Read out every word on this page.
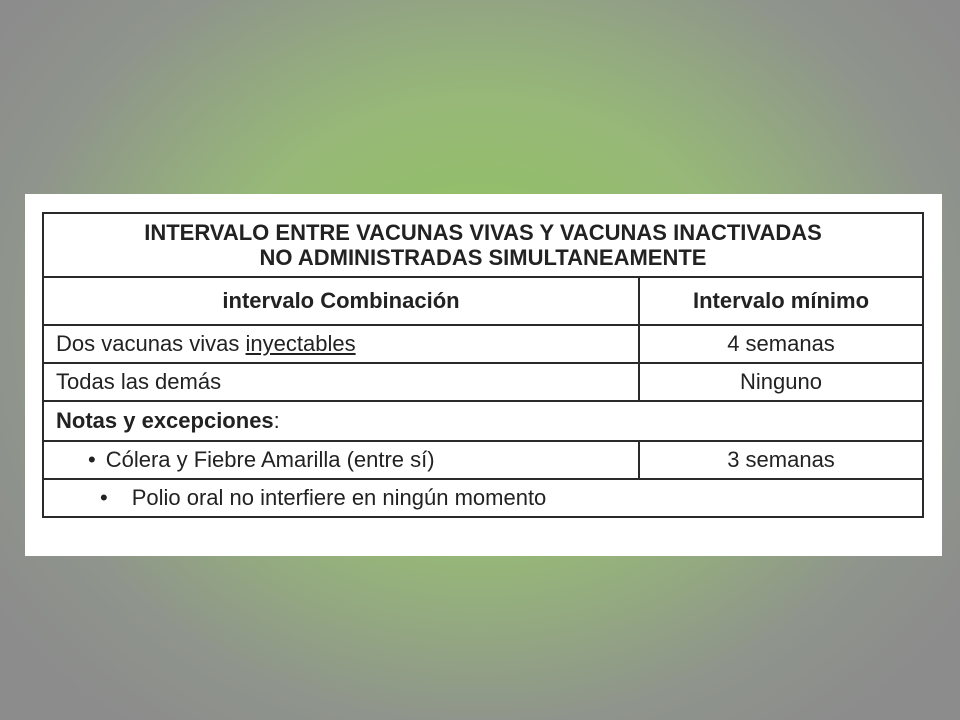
INTERVALO ENTRE VACUNAS VIVAS Y VACUNAS INACTIVADAS
NO ADMINISTRADAS SIMULTANEAMENTE	

intervalo Combinación	Intervalo mínimo
Dos vacunas vivas inyectables	4 semanas
Todas las demás	Ninguno
Notas y excepciones:	
• Cólera y Fiebre Amarilla (entre sí)	3 semanas
• Polio oral no interfiere en ningún momento	
